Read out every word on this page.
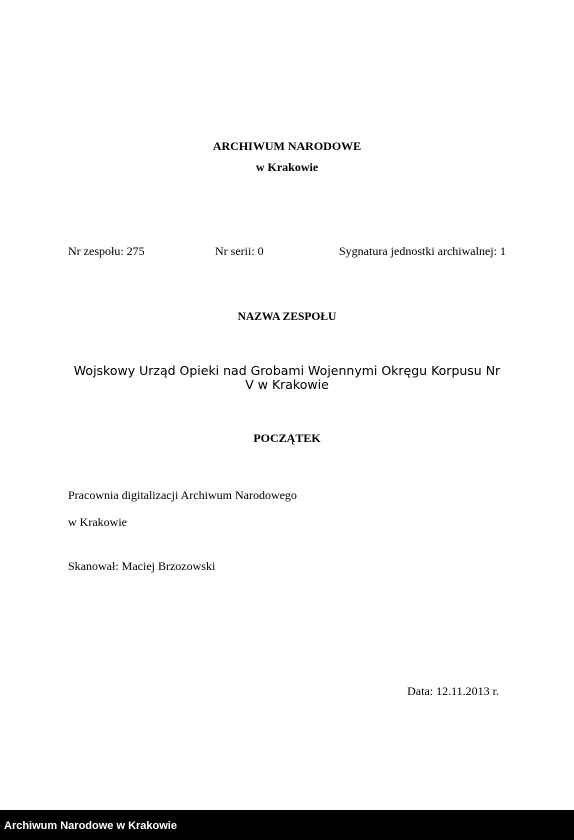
ARCHIWUM NARODOWE
w Krakowie
Nr zespołu: 275	Nr serii: 0	Sygnatura jednostki archiwalnej: 1
NAZWA ZESPOŁU
Wojskowy Urząd Opieki nad Grobami Wojennymi Okręgu Korpusu Nr V w Krakowie
POCZĄTEK
Pracownia digitalizacji Archiwum Narodowego
w Krakowie
Skanował: Maciej Brzozowski
Data: 12.11.2013 r.
Archiwum Narodowe w Krakowie
